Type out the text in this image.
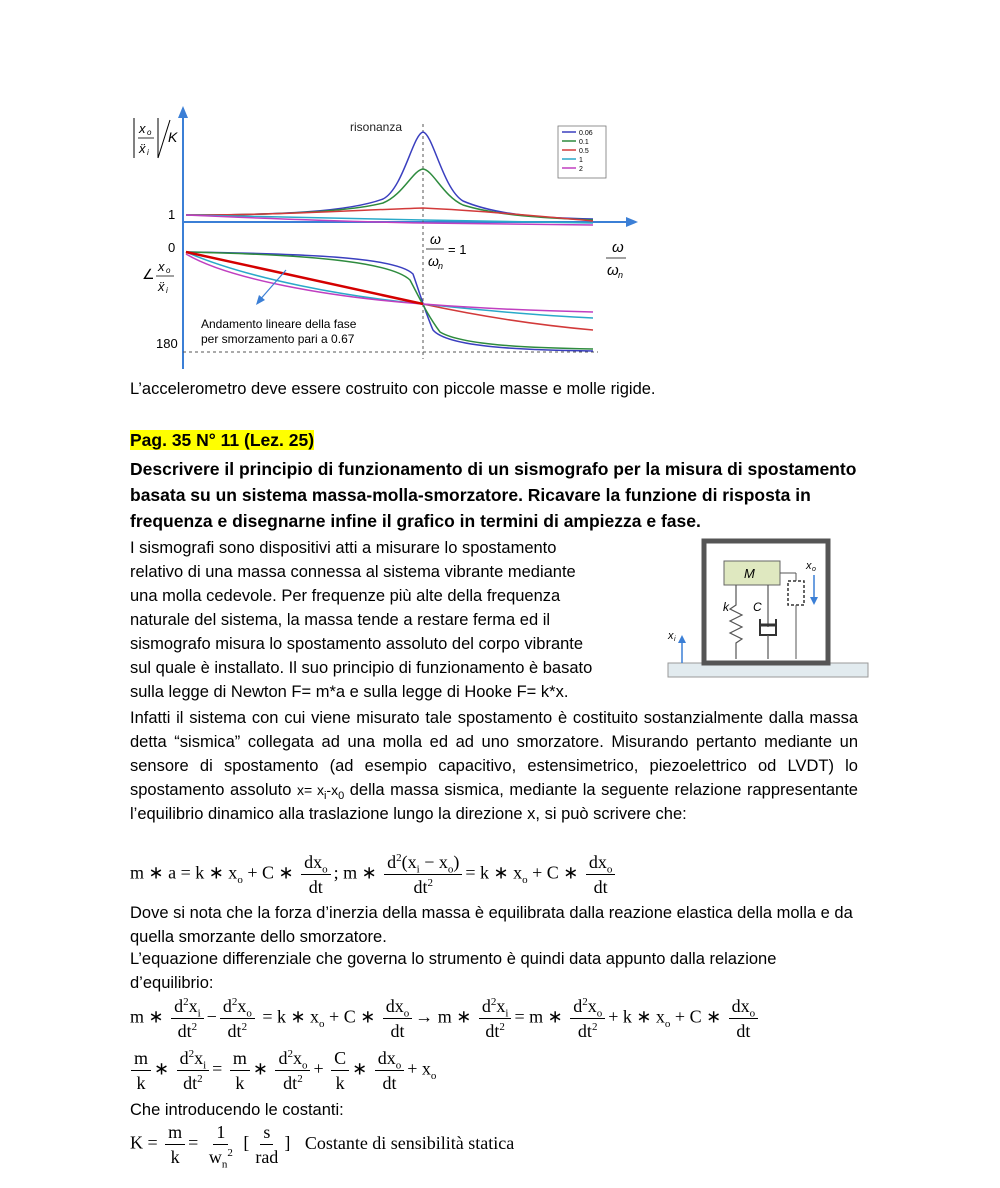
x o
ẍ i
K
1
0
180
∠ x o
ẍ i
risonanza
ω
ω n
= 1	ω
ω n
Andamento lineare della fase
per smorzamento pari a 0.67
0.06
0.1
0.5
1
2
L’accelerometro deve essere costruito con piccole masse e molle rigide.
Pag. 35 N° 11 (Lez. 25)
Descrivere il principio di funzionamento di un sismografo per la misura di spostamento basata su un sistema massa-molla-smorzatore. Ricavare la funzione di risposta in frequenza e disegnarne infine il grafico in termini di ampiezza e fase.
I sismografi sono dispositivi atti a misurare lo spostamento
relativo di una massa connessa al sistema vibrante mediante
una molla cedevole. Per frequenze più alte della frequenza
naturale del sistema, la massa tende a restare ferma ed il
sismografo misura lo spostamento assoluto del corpo vibrante
sul quale è installato. Il suo principio di funzionamento è basato
sulla legge di Newton F= m*a e sulla legge di Hooke F= k*x.
M
k C
x o
x i
Infatti il sistema con cui viene misurato tale spostamento è costituito sostanzialmente dalla massa detta “sismica” collegata ad una molla ed ad uno smorzatore. Misurando pertanto mediante un sensore di spostamento (ad esempio capacitivo, estensimetrico, piezoelettrico od LVDT) lo spostamento assoluto $x= x_i-x_0$ della massa sismica, mediante la seguente relazione rappresentante l’equilibrio dinamico alla traslazione lungo la direzione x, si può scrivere che:
m ∗ a = k ∗ $x_o + C$ ∗ $\frac{dx_o}{dt}$ ; m ∗ $\frac{d^2(x_i - x_o)}{dt^2} = k$ ∗ $x_o + C$ ∗ $\frac{dx_o}{dt}$
Dove si nota che la forza d’inerzia della massa è equilibrata dalla reazione elastica della molla e da quella smorzante dello smorzatore.
L’equazione differenziale che governa lo strumento è quindi data appunto dalla relazione d’equilibrio:
m ∗ $\frac{d^2x_i}{dt^2} - \frac{d^2x_o}{dt^2} = k$ ∗ $x_o + C$ ∗ $\frac{dx_o}{dt} \to m$ ∗ $\frac{d^2x_i}{dt^2} = m$ ∗ $\frac{d^2x_o}{dt^2} + k$ ∗ $x_o + C$ ∗ $\frac{dx_o}{dt}$
$\frac{m}{k}$ ∗ $\frac{d^2x_i}{dt^2} = \frac{m}{k}$ ∗ $\frac{d^2x_o}{dt^2} + \frac{C}{k}$ ∗ $\frac{dx_o}{dt} + x_o$
Che introducendo le costanti:
$K = \frac{m}{k} = \frac{1}{w_n^2}$ [ $\frac{s}{\text{rad}}$ ] Costante di sensibilità statica
